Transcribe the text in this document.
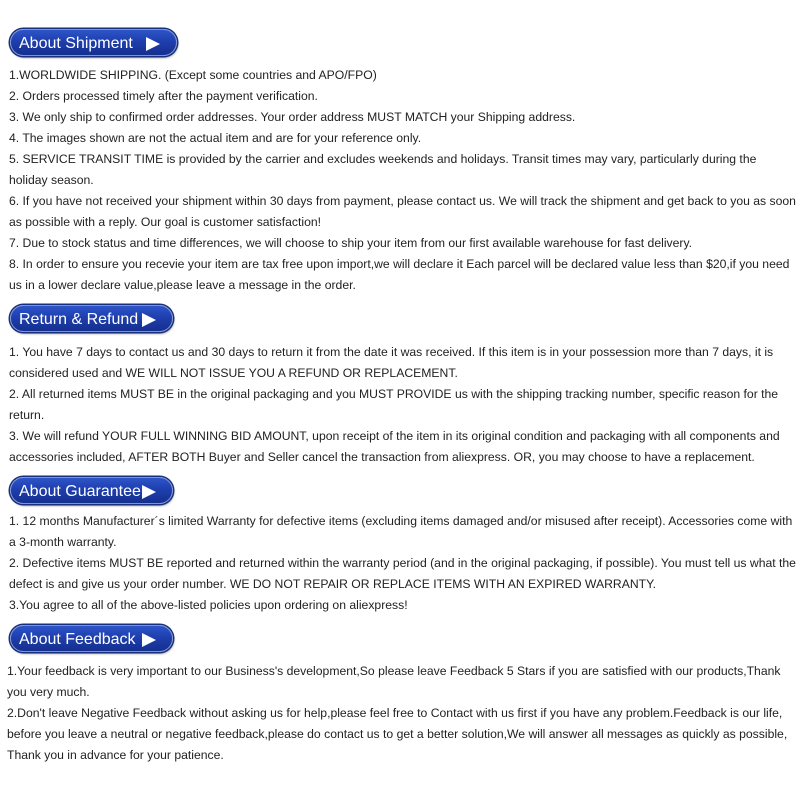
About Shipment

1.WORLDWIDE SHIPPING. (Except some countries and APO/FPO)

2. Orders processed timely after the payment verification.

3. We only ship to confirmed order addresses. Your order address MUST MATCH your Shipping address.

4. The images shown are not the actual item and are for your reference only.

5. SERVICE TRANSIT TIME is provided by the carrier and excludes weekends and holidays. Transit times may vary, particularly during the holiday season.

6. If you have not received your shipment within 30 days from payment, please contact us. We will track the shipment and get back to you as soon as possible with a reply. Our goal is customer satisfaction!

7. Due to stock status and time differences, we will choose to ship your item from our first available warehouse for fast delivery.

8. In order to ensure you recevie your item are tax free upon import,we will declare it Each parcel will be declared value less than $20,if you need us in a lower declare value,please leave a message in the order.

Return & Refund

1. You have 7 days to contact us and 30 days to return it from the date it was received. If this item is in your possession more than 7 days, it is considered used and WE WILL NOT ISSUE YOU A REFUND OR REPLACEMENT.

2. All returned items MUST BE in the original packaging and you MUST PROVIDE us with the shipping tracking number, specific reason for the return.

3. We will refund YOUR FULL WINNING BID AMOUNT, upon receipt of the item in its original condition and packaging with all components and accessories included, AFTER BOTH Buyer and Seller cancel the transaction from aliexpress. OR, you may choose to have a replacement.

About Guarantee

1. 12 months Manufacturer´s limited Warranty for defective items (excluding items damaged and/or misused after receipt). Accessories come with a 3-month warranty.

2. Defective items MUST BE reported and returned within the warranty period (and in the original packaging, if possible). You must tell us what the defect is and give us your order number. WE DO NOT REPAIR OR REPLACE ITEMS WITH AN EXPIRED WARRANTY.

3.You agree to all of the above-listed policies upon ordering on aliexpress!

About Feedback

1.Your feedback is very important to our Business's development,So please leave Feedback 5 Stars if you are satisfied with our products,Thank you very much.

2.Don't leave Negative Feedback without asking us for help,please feel free to Contact with us first if you have any problem.Feedback is our life, before you leave a neutral or negative feedback,please do contact us to get a better solution,We will answer all messages as quickly as possible, Thank you in advance for your patience.
